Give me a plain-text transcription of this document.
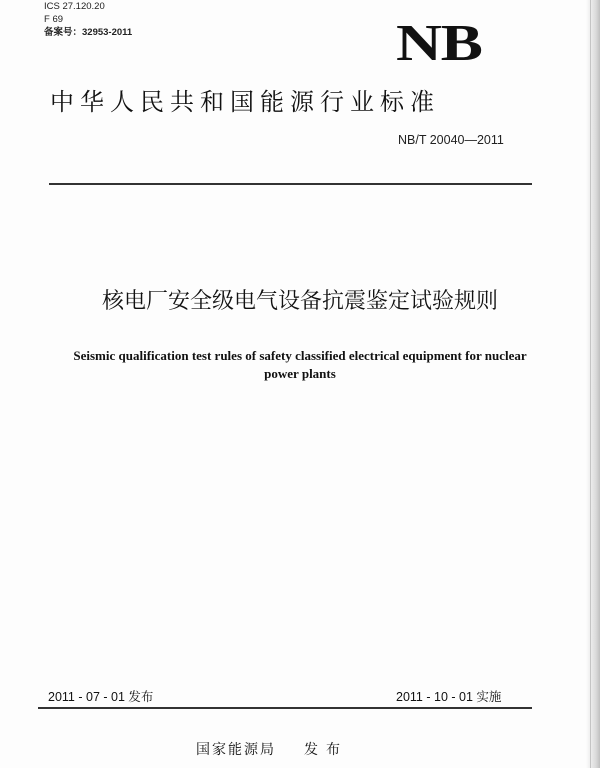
ICS 27.120.20
F 69
备案号：32953-2011	NB
中华人民共和国能源行业标准
NB/T 20040—2011
核电厂安全级电气设备抗震鉴定试验规则
Seismic qualification test rules of safety classified electrical equipment for nuclear power plants
2011 - 07 - 01 发布	2011 - 10 - 01 实施
国家能源局 发布
